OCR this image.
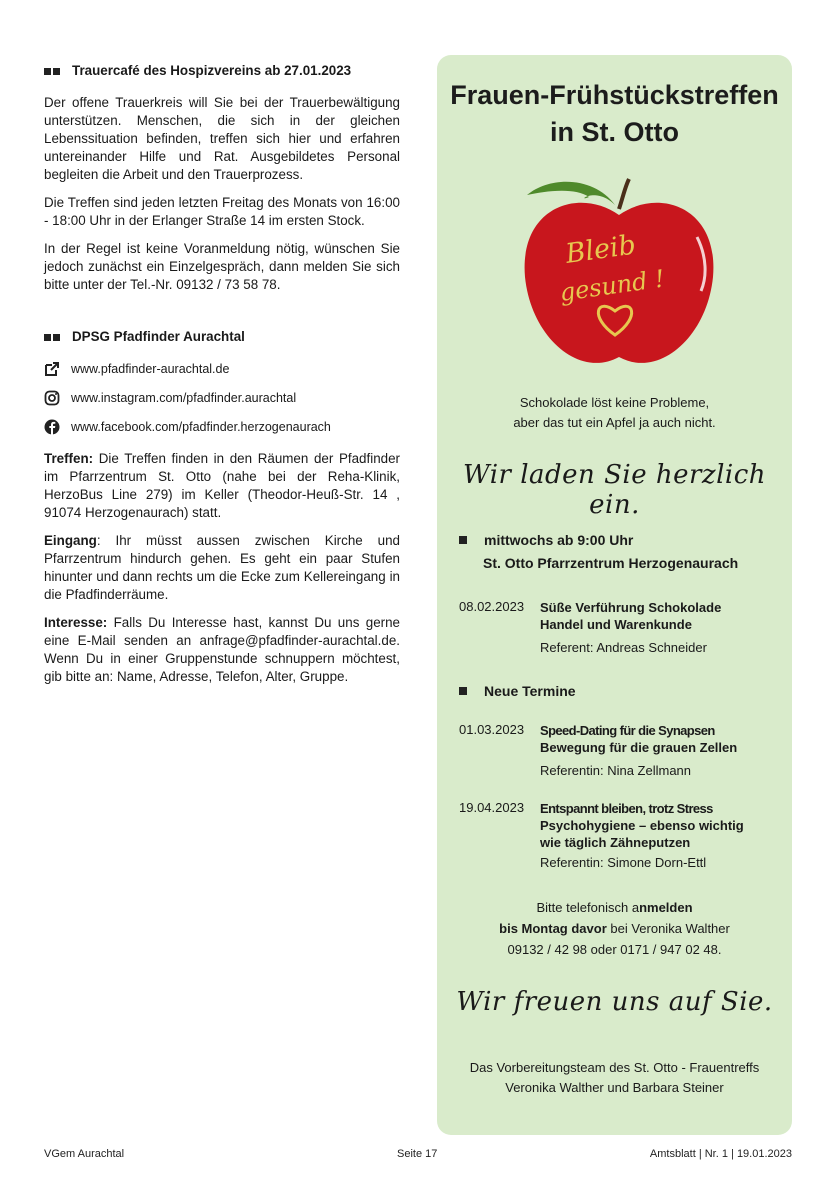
Trauercafé des Hospizvereins ab 27.01.2023

Der offene Trauerkreis will Sie bei der Trauerbewältigung unterstützen. Menschen, die sich in der gleichen Lebenssituation befinden, treffen sich hier und erfahren untereinander Hilfe und Rat. Ausgebildetes Personal begleiten die Arbeit und den Trauerprozess.

Die Treffen sind jeden letzten Freitag des Monats von 16:00 - 18:00 Uhr in der Erlanger Straße 14 im ersten Stock.

In der Regel ist keine Voranmeldung nötig, wünschen Sie jedoch zunächst ein Einzelgespräch, dann melden Sie sich bitte unter der Tel.-Nr. 09132 / 73 58 78.

DPSG Pfadfinder Aurachtal
www.pfadfinder-aurachtal.de
www.instagram.com/pfadfinder.aurachtal
www.facebook.com/pfadfinder.herzogenaurach

Treffen: Die Treffen finden in den Räumen der Pfadfinder im Pfarrzentrum St. Otto (nahe bei der Reha-Klinik, HerzoBus Line 279) im Keller (Theodor-Heuß-Str. 14 , 91074 Herzogenaurach) statt.

Eingang: Ihr müsst aussen zwischen Kirche und Pfarrzentrum hindurch gehen. Es geht ein paar Stufen hinunter und dann rechts um die Ecke zum Kellereingang in die Pfadfinderräume.

Interesse: Falls Du Interesse hast, kannst Du uns gerne eine E-Mail senden an anfrage@pfadfinder-aurachtal.de. Wenn Du in einer Gruppenstunde schnuppern möchtest, gib bitte an: Name, Adresse, Telefon, Alter, Gruppe.

Frauen-Frühstückstreffen
in St. Otto
Bleib
gesund !
Schokolade löst keine Probleme,
aber das tut ein Apfel ja auch nicht.
Wir laden Sie herzlich ein.
mittwochs ab 9:00 Uhr
St. Otto Pfarrzentrum Herzogenaurach
08.02.2023 Süße Verführung Schokolade
Handel und Warenkunde
Referent: Andreas Schneider
Neue Termine
01.03.2023 Speed-Dating für die Synapsen
Bewegung für die grauen Zellen
Referentin: Nina Zellmann
19.04.2023 Entspannt bleiben, trotz Stress
Psychohygiene – ebenso wichtig
wie täglich Zähneputzen
Referentin: Simone Dorn-Ettl
Bitte telefonisch anmelden
bis Montag davor bei Veronika Walther
09132 / 42 98 oder 0171 / 947 02 48.
Wir freuen uns auf Sie.
Das Vorbereitungsteam des St. Otto - Frauentreffs
Veronika Walther und Barbara Steiner
VGem Aurachtal	Seite 17	Amtsblatt | Nr. 1 | 19.01.2023
